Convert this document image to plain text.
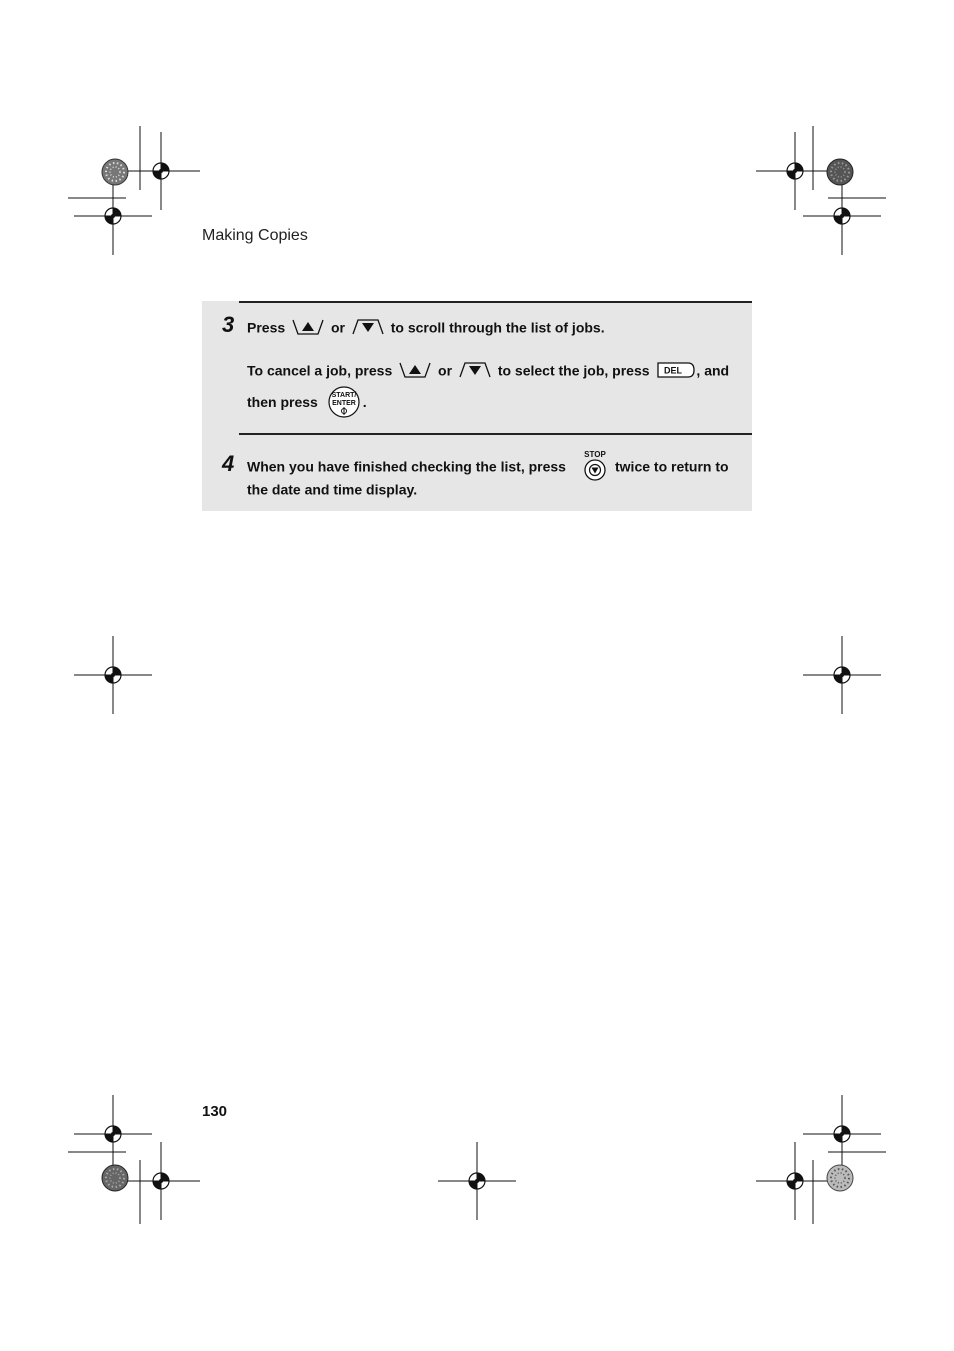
Making Copies
3 Press	or	to scroll through the list of jobs.
To cancel a job, press	or	to select the job, press DEL , and
then press START/
ENTER .
4 When you have finished checking the list, press
STOP
twice to return to
the date and time display.
130
